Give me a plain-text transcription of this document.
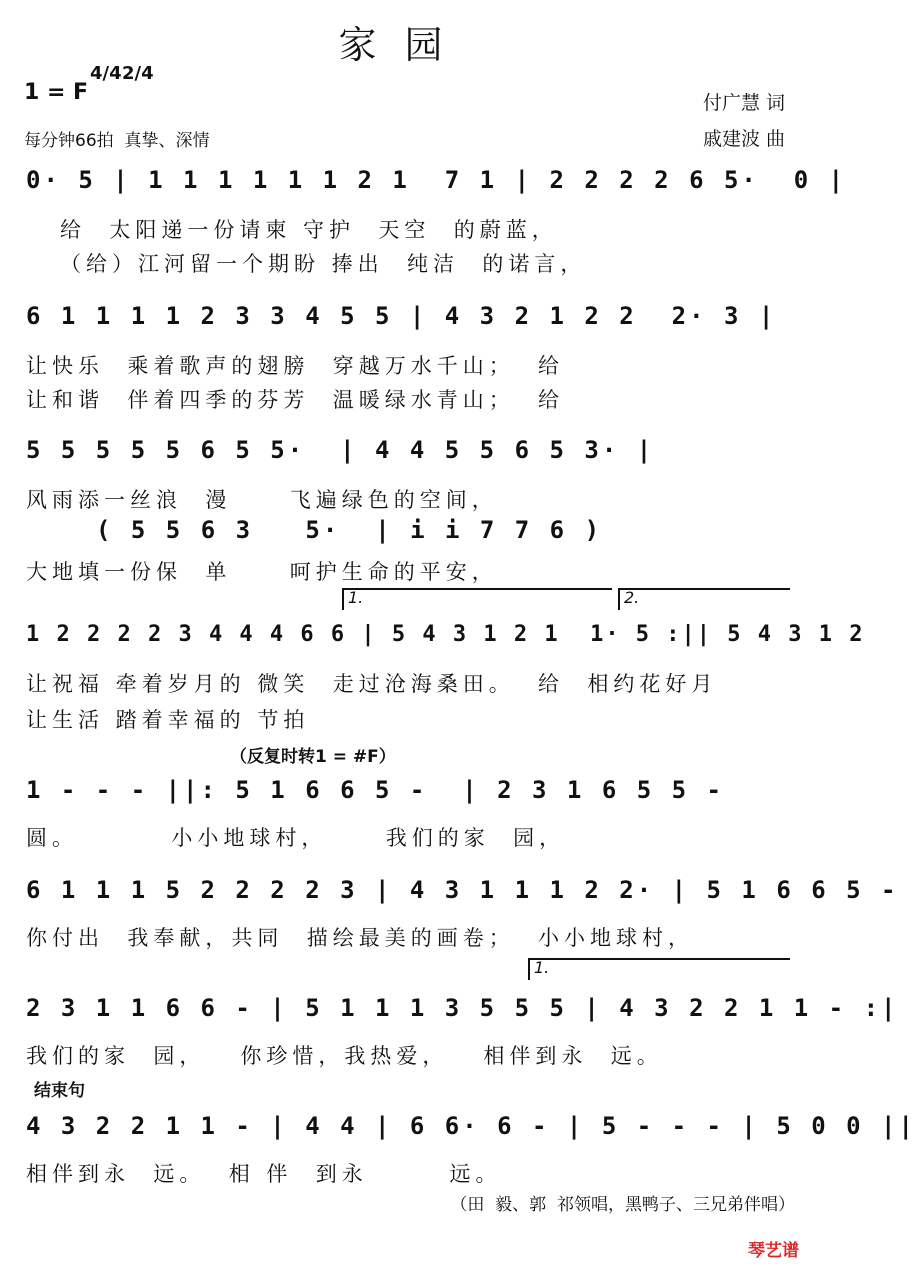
家园
1 = F
4/4 2/4
每分钟66拍  真挚、深情
付广慧 词
戚建波 曲
0· 5 | 1 1 1 1 1 1 2 1  7 1 | 2 2 2 2 6 5·  0 |
给  太阳递一份请柬 守护  天空  的蔚蓝，
（给）江河留一个期盼 捧出  纯洁  的诺言，
6 1 1 1 1 2 3 3 4 5 5 | 4 3 2 1 2 2  2· 3 |
让快乐  乘着歌声的翅膀  穿越万水千山；  给
让和谐  伴着四季的芬芳  温暖绿水青山；  给
5 5 5 5 5 6 5 5·  | 4 4 5 5 6 5 3· |
风雨添一丝浪  漫     飞遍绿色的空间，
( 5 5 6 3   5·  | i i 7 7 6 )
大地填一份保  单     呵护生命的平安，
1.	2.
1 2 2 2 2 3 4 4 4 6 6 | 5 4 3 1 2 1  1· 5 :|| 5 4 3 1 2
让祝福 牵着岁月的 微笑  走过沧海桑田。  给  相约花好月
让生活 踏着幸福的 节拍
（反复时转1 = #F）
1 - - - ||: 5 1 6 6 5 -  | 2 3 1 6 5 5 -
圆。        小小地球村，     我们的家  园，
6 1 1 1 5 2 2 2 2 3 | 4 3 1 1 1 2 2· | 5 1 6 6 5 -
你付出  我奉献，共同  描绘最美的画卷；  小小地球村，
1.
2 3 1 1 6 6 - | 5 1 1 1 3 5 5 5 | 4 3 2 2 1 1 - :|
我们的家  园，   你珍惜，我热爱，   相伴到永  远。
结束句
4 3 2 2 1 1 - | 4 4 | 6 6· 6 - | 5 - - - | 5 0 0 ||
相伴到永  远。  相 伴  到永       远。
（田  毅、郭  祁领唱，黑鸭子、三兄弟伴唱）
琴艺谱
